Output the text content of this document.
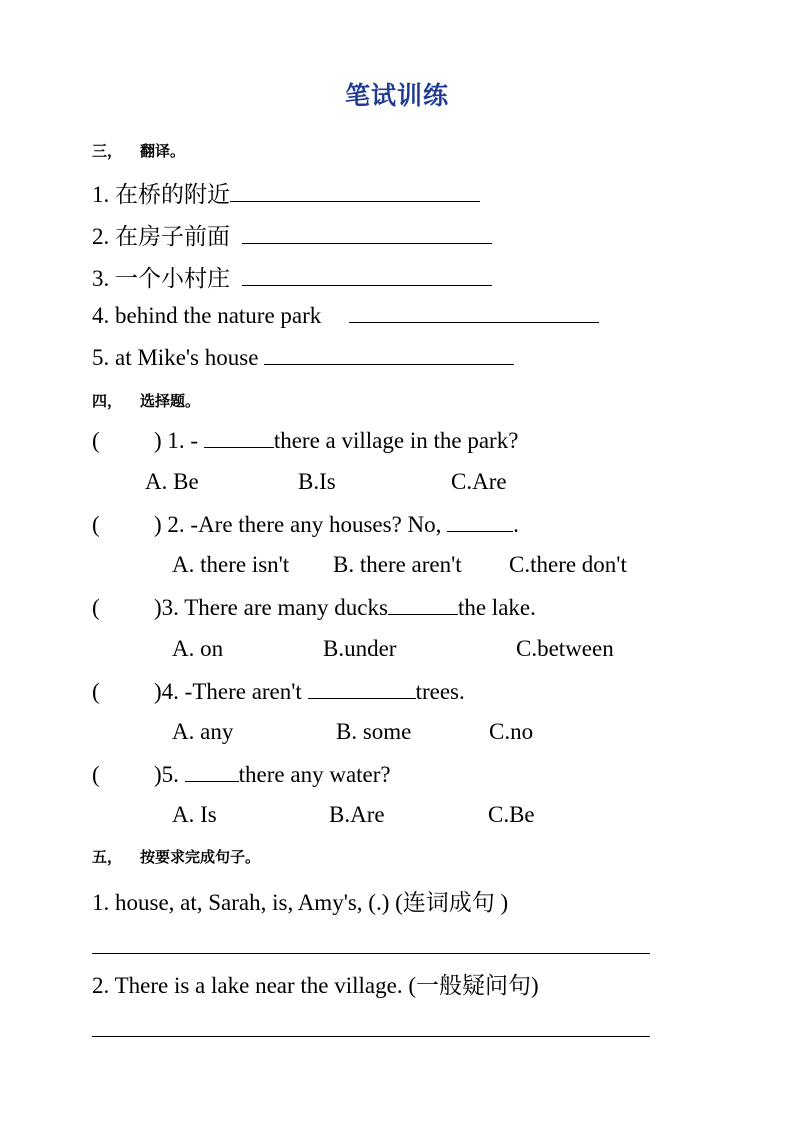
笔试训练
三， 翻译。
1. 在桥的附近
2. 在房子前面
3. 一个小村庄
4. behind the nature park
5. at Mike's house
四， 选择题。
( ) 1. -	there a village in the park?
A. Be	B.Is	C.Are
( ) 2. -Are there any houses? No,	.
A. there isn't B. there aren't C.there don't
( )3. There are many ducks	the lake.
A. on	B.under	C.between
( )4. -There aren't	trees.
A. any	B. some	C.no
( )5.	there any water?
A. Is	B.Are	C.Be
五， 按要求完成句子。
1. house, at, Sarah, is, Amy's, (.) (连词成句 )
2. There is a lake near the village. (一般疑问句)
